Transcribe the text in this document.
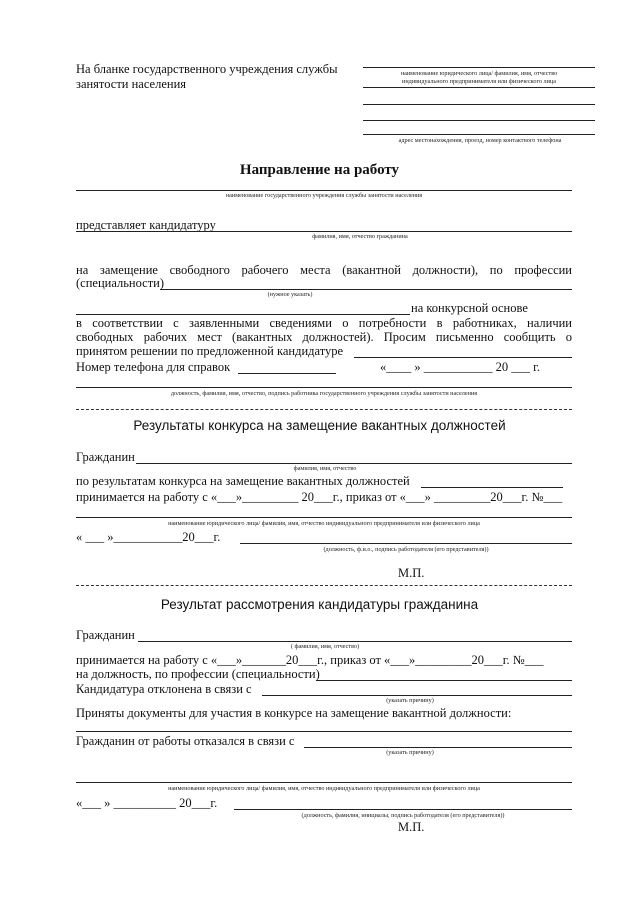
На бланке государственного учреждения службы
занятости населения
наименование юридического лица/ фамилия, имя, отчество
индивидуального предпринимателя или физического лица
адрес местонахождения, проезд, номер контактного телефона
Направление на работу
наименование государственного учреждения службы занятости населения
представляет кандидатуру
фамилия, имя, отчество гражданина
на замещение свободного рабочего места (вакантной должности), по профессии
(специальности)
(нужное указать)
на конкурсной основе
в соответствии с заявленными сведениями о потребности в работниках, наличии
свободных рабочих мест (вакантных должностей). Просим письменно сообщить о
принятом решении по предложенной кандидатуре
Номер телефона для справок	«____ » ___________ 20 ___ г.
должность, фамилия, имя, отчество, подпись работника государственного учреждения службы занятости населения
Результаты конкурса на замещение вакантных должностей
Гражданин
фамилия, имя, отчество
по результатам конкурса на замещение вакантных должностей
принимается на работу с «___»_________ 20___г., приказ от «___» _________20___г. №___
наименование юридического лица/ фамилия, имя, отчество индивидуального предпринимателя или физического лица
« ___ »___________20___г.
(должность, ф.и.о., подпись работодателя (его представителя))
М.П.
Результат рассмотрения кандидатуры гражданина
Гражданин
( фамилия, имя, отчество)
принимается на работу с «___»_______20___г., приказ от «___»_________20___г. №___
на должность, по профессии (специальности)
Кандидатура отклонена в связи с
(указать причину)
Приняты документы для участия в конкурсе на замещение вакантной должности:
Гражданин от работы отказался в связи с
(указать причину)
наименование юридического лица/ фамилия, имя, отчество индивидуального предпринимателя или физического лица
«___ » __________ 20___г.
(должность, фамилия, инициалы, подпись работодателя (его представителя))
М.П.
